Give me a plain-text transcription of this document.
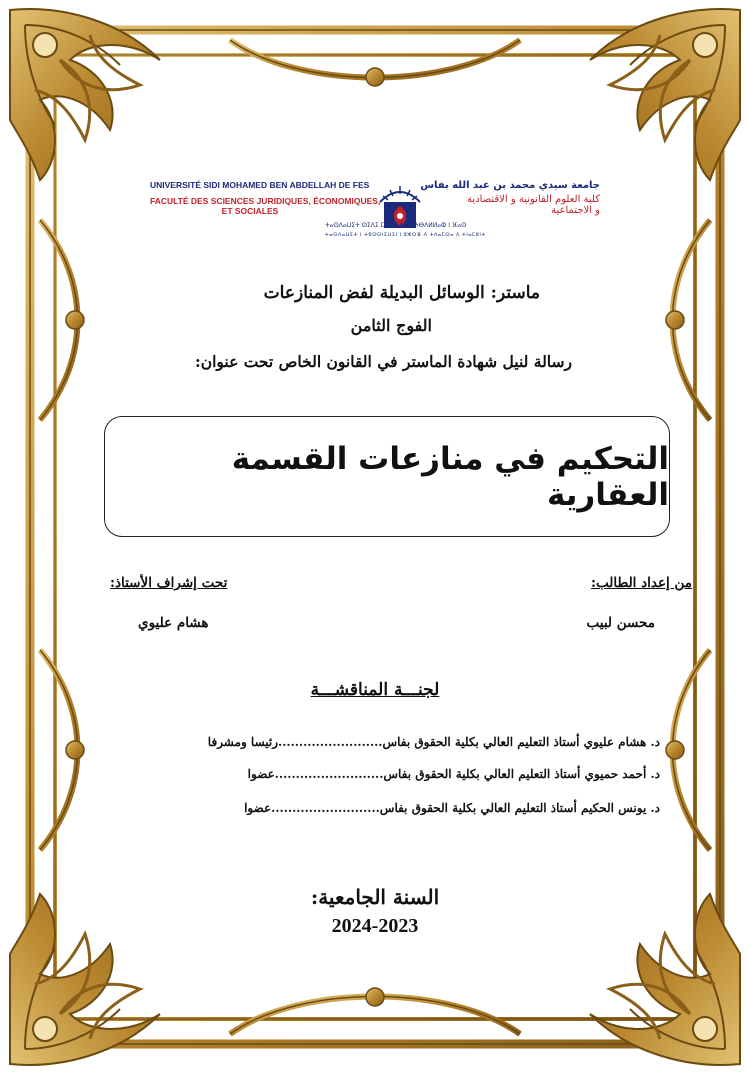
UNIVERSITÉ SIDI MOHAMED BEN ABDELLAH DE FES
FACULTÉ DES SCIENCES JURIDIQUES, ÉCONOMIQUES,
ET SOCIALES
ⵜⴰⵙⴷⴰⵡⵉⵜ ⵙⵉⴷⵉ ⵎⵓⵃⵎⵎⴷ ⴱⵏ ⵄⴱⴷⵍⵍⴰⵀ ⵏ ⴼⴰⵙ
ⵜⴰⵙⴷⴰⵡⵉⵜ ⵏ ⵜⵓⵙⵙⵏⵉⵡⵉⵏ ⵏ ⵓⵣⵔⴼ ⴷ ⵜⴷⴰⵎⵙⴰ ⴷ ⵜⵏⴰⵎⵓⵏⵜ
جامعة سيدي محمد بن عبد الله بفاس
كلية العلوم القانونية و الاقتصادية
و الاجتماعية
ماستر: الوسائل البديلة لفض المنازعات
الفوج الثامن
رسالة لنيل شهادة الماستر في القانون الخاص تحت عنوان:
التحكيم في منازعات القسمة العقارية
من إعداد الطالب:
تحت إشراف الأستاذ:
محسن لبيب
هشام عليوي
لجنـــة المناقشـــة
د. هشام عليوي أستاذ التعليم العالي بكلية الحقوق بفاس.........................رئيسا ومشرفا
د. أحمد حميوي أستاذ التعليم العالي بكلية الحقوق بفاس..........................عضوا
د. يونس الحكيم أستاذ التعليم العالي بكلية الحقوق بفاس..........................عضوا
السنة الجامعية:
2024-2023
